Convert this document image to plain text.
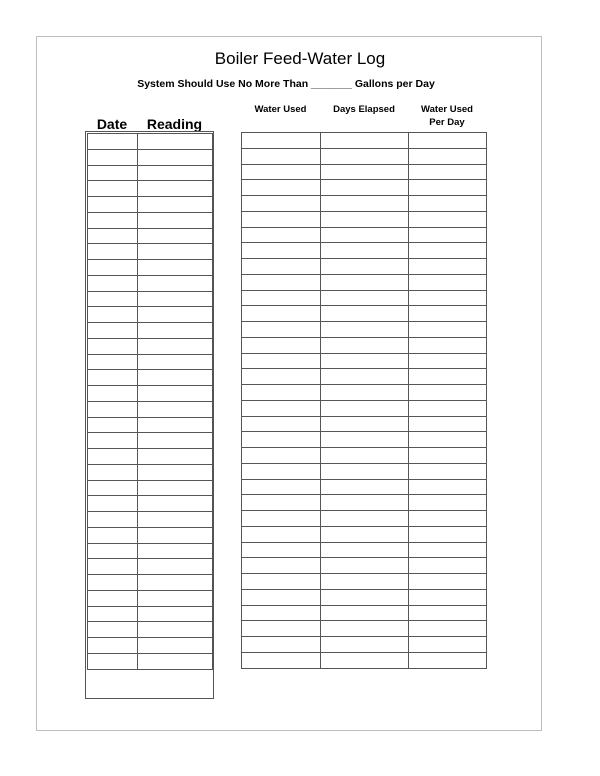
Boiler Feed-Water Log
System Should Use No More Than _______ Gallons per Day
Date	Reading
Water Used	Days Elapsed	Water Used
Per Day
